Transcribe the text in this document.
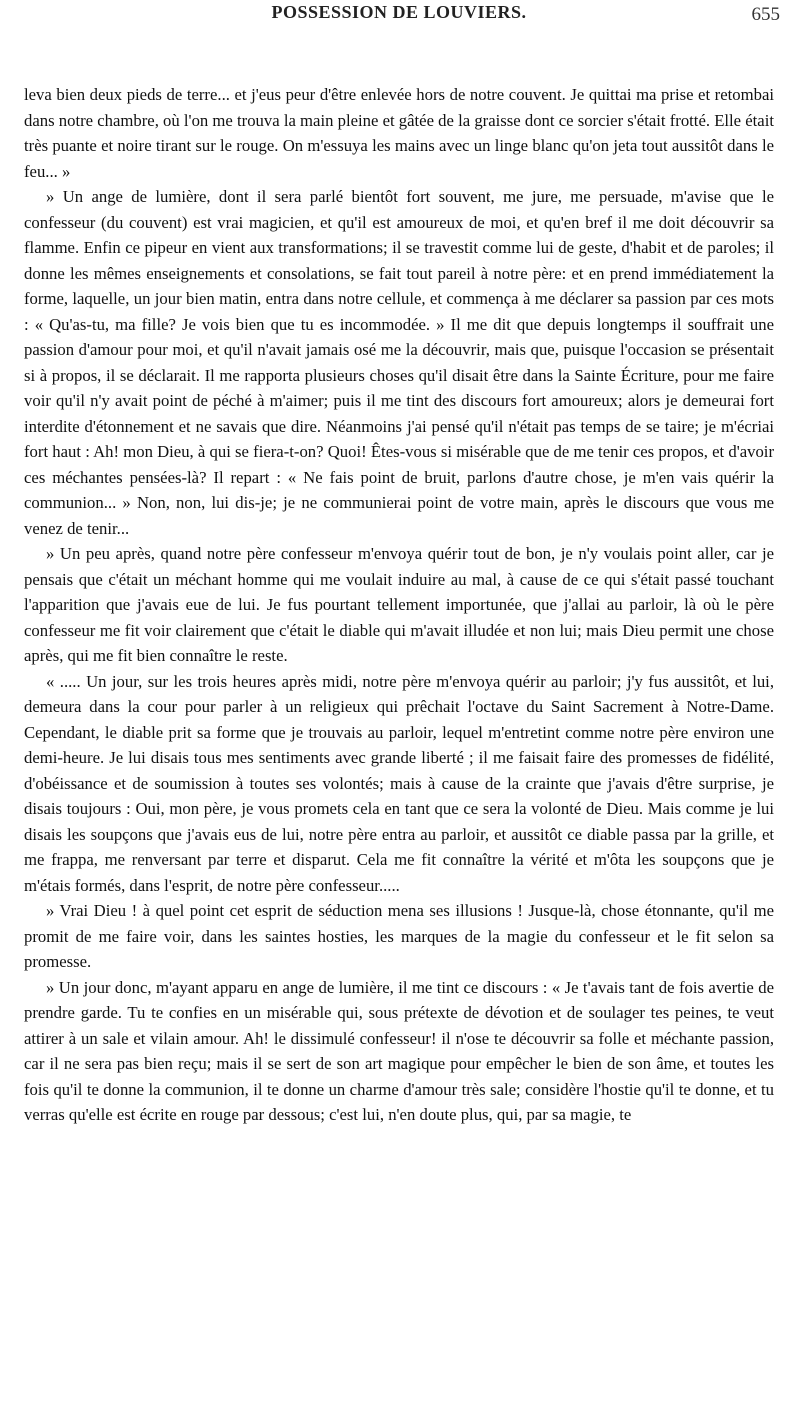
POSSESSION DE LOUVIERS.	655

leva bien deux pieds de terre... et j'eus peur d'être enlevée hors de notre couvent. Je quittai ma prise et retombai dans notre chambre, où l'on me trouva la main pleine et gâtée de la graisse dont ce sorcier s'était frotté. Elle était très puante et noire tirant sur le rouge. On m'essuya les mains avec un linge blanc qu'on jeta tout aussitôt dans le feu... »

» Un ange de lumière, dont il sera parlé bientôt fort souvent, me jure, me persuade, m'avise que le confesseur (du couvent) est vrai magicien, et qu'il est amoureux de moi, et qu'en bref il me doit découvrir sa flamme. Enfin ce pipeur en vient aux transformations; il se travestit comme lui de geste, d'habit et de paroles; il donne les mêmes enseignements et consolations, se fait tout pareil à notre père: et en prend immédiatement la forme, laquelle, un jour bien matin, entra dans notre cellule, et commença à me déclarer sa passion par ces mots : « Qu'as-tu, ma fille? Je vois bien que tu es incommodée. » Il me dit que depuis longtemps il souffrait une passion d'amour pour moi, et qu'il n'avait jamais osé me la découvrir, mais que, puisque l'occasion se présentait si à propos, il se déclarait. Il me rapporta plusieurs choses qu'il disait être dans la Sainte Écriture, pour me faire voir qu'il n'y avait point de péché à m'aimer; puis il me tint des discours fort amoureux; alors je demeurai fort interdite d'étonnement et ne savais que dire. Néanmoins j'ai pensé qu'il n'était pas temps de se taire; je m'écriai fort haut : Ah! mon Dieu, à qui se fiera-t-on? Quoi! Êtes-vous si misérable que de me tenir ces propos, et d'avoir ces méchantes pensées-là? Il repart : « Ne fais point de bruit, parlons d'autre chose, je m'en vais quérir la communion... » Non, non, lui dis-je; je ne communierai point de votre main, après le discours que vous me venez de tenir...

» Un peu après, quand notre père confesseur m'envoya quérir tout de bon, je n'y voulais point aller, car je pensais que c'était un méchant homme qui me voulait induire au mal, à cause de ce qui s'était passé touchant l'apparition que j'avais eue de lui. Je fus pourtant tellement importunée, que j'allai au parloir, là où le père confesseur me fit voir clairement que c'était le diable qui m'avait illudée et non lui; mais Dieu permit une chose après, qui me fit bien connaître le reste.

« ..... Un jour, sur les trois heures après midi, notre père m'envoya quérir au parloir; j'y fus aussitôt, et lui, demeura dans la cour pour parler à un religieux qui prêchait l'octave du Saint Sacrement à Notre-Dame. Cependant, le diable prit sa forme que je trouvais au parloir, lequel m'entretint comme notre père environ une demi-heure. Je lui disais tous mes sentiments avec grande liberté ; il me faisait faire des promesses de fidélité, d'obéissance et de soumission à toutes ses volontés; mais à cause de la crainte que j'avais d'être surprise, je disais toujours : Oui, mon père, je vous promets cela en tant que ce sera la volonté de Dieu. Mais comme je lui disais les soupçons que j'avais eus de lui, notre père entra au parloir, et aussitôt ce diable passa par la grille, et me frappa, me renversant par terre et disparut. Cela me fit connaître la vérité et m'ôta les soupçons que je m'étais formés, dans l'esprit, de notre père confesseur.....

» Vrai Dieu ! à quel point cet esprit de séduction mena ses illusions ! Jusque-là, chose étonnante, qu'il me promit de me faire voir, dans les saintes hosties, les marques de la magie du confesseur et le fit selon sa promesse.

» Un jour donc, m'ayant apparu en ange de lumière, il me tint ce discours : « Je t'avais tant de fois avertie de prendre garde. Tu te confies en un misérable qui, sous prétexte de dévotion et de soulager tes peines, te veut attirer à un sale et vilain amour. Ah! le dissimulé confesseur! il n'ose te découvrir sa folle et méchante passion, car il ne sera pas bien reçu; mais il se sert de son art magique pour empêcher le bien de son âme, et toutes les fois qu'il te donne la communion, il te donne un charme d'amour très sale; considère l'hostie qu'il te donne, et tu verras qu'elle est écrite en rouge par dessous; c'est lui, n'en doute plus, qui, par sa magie, te
